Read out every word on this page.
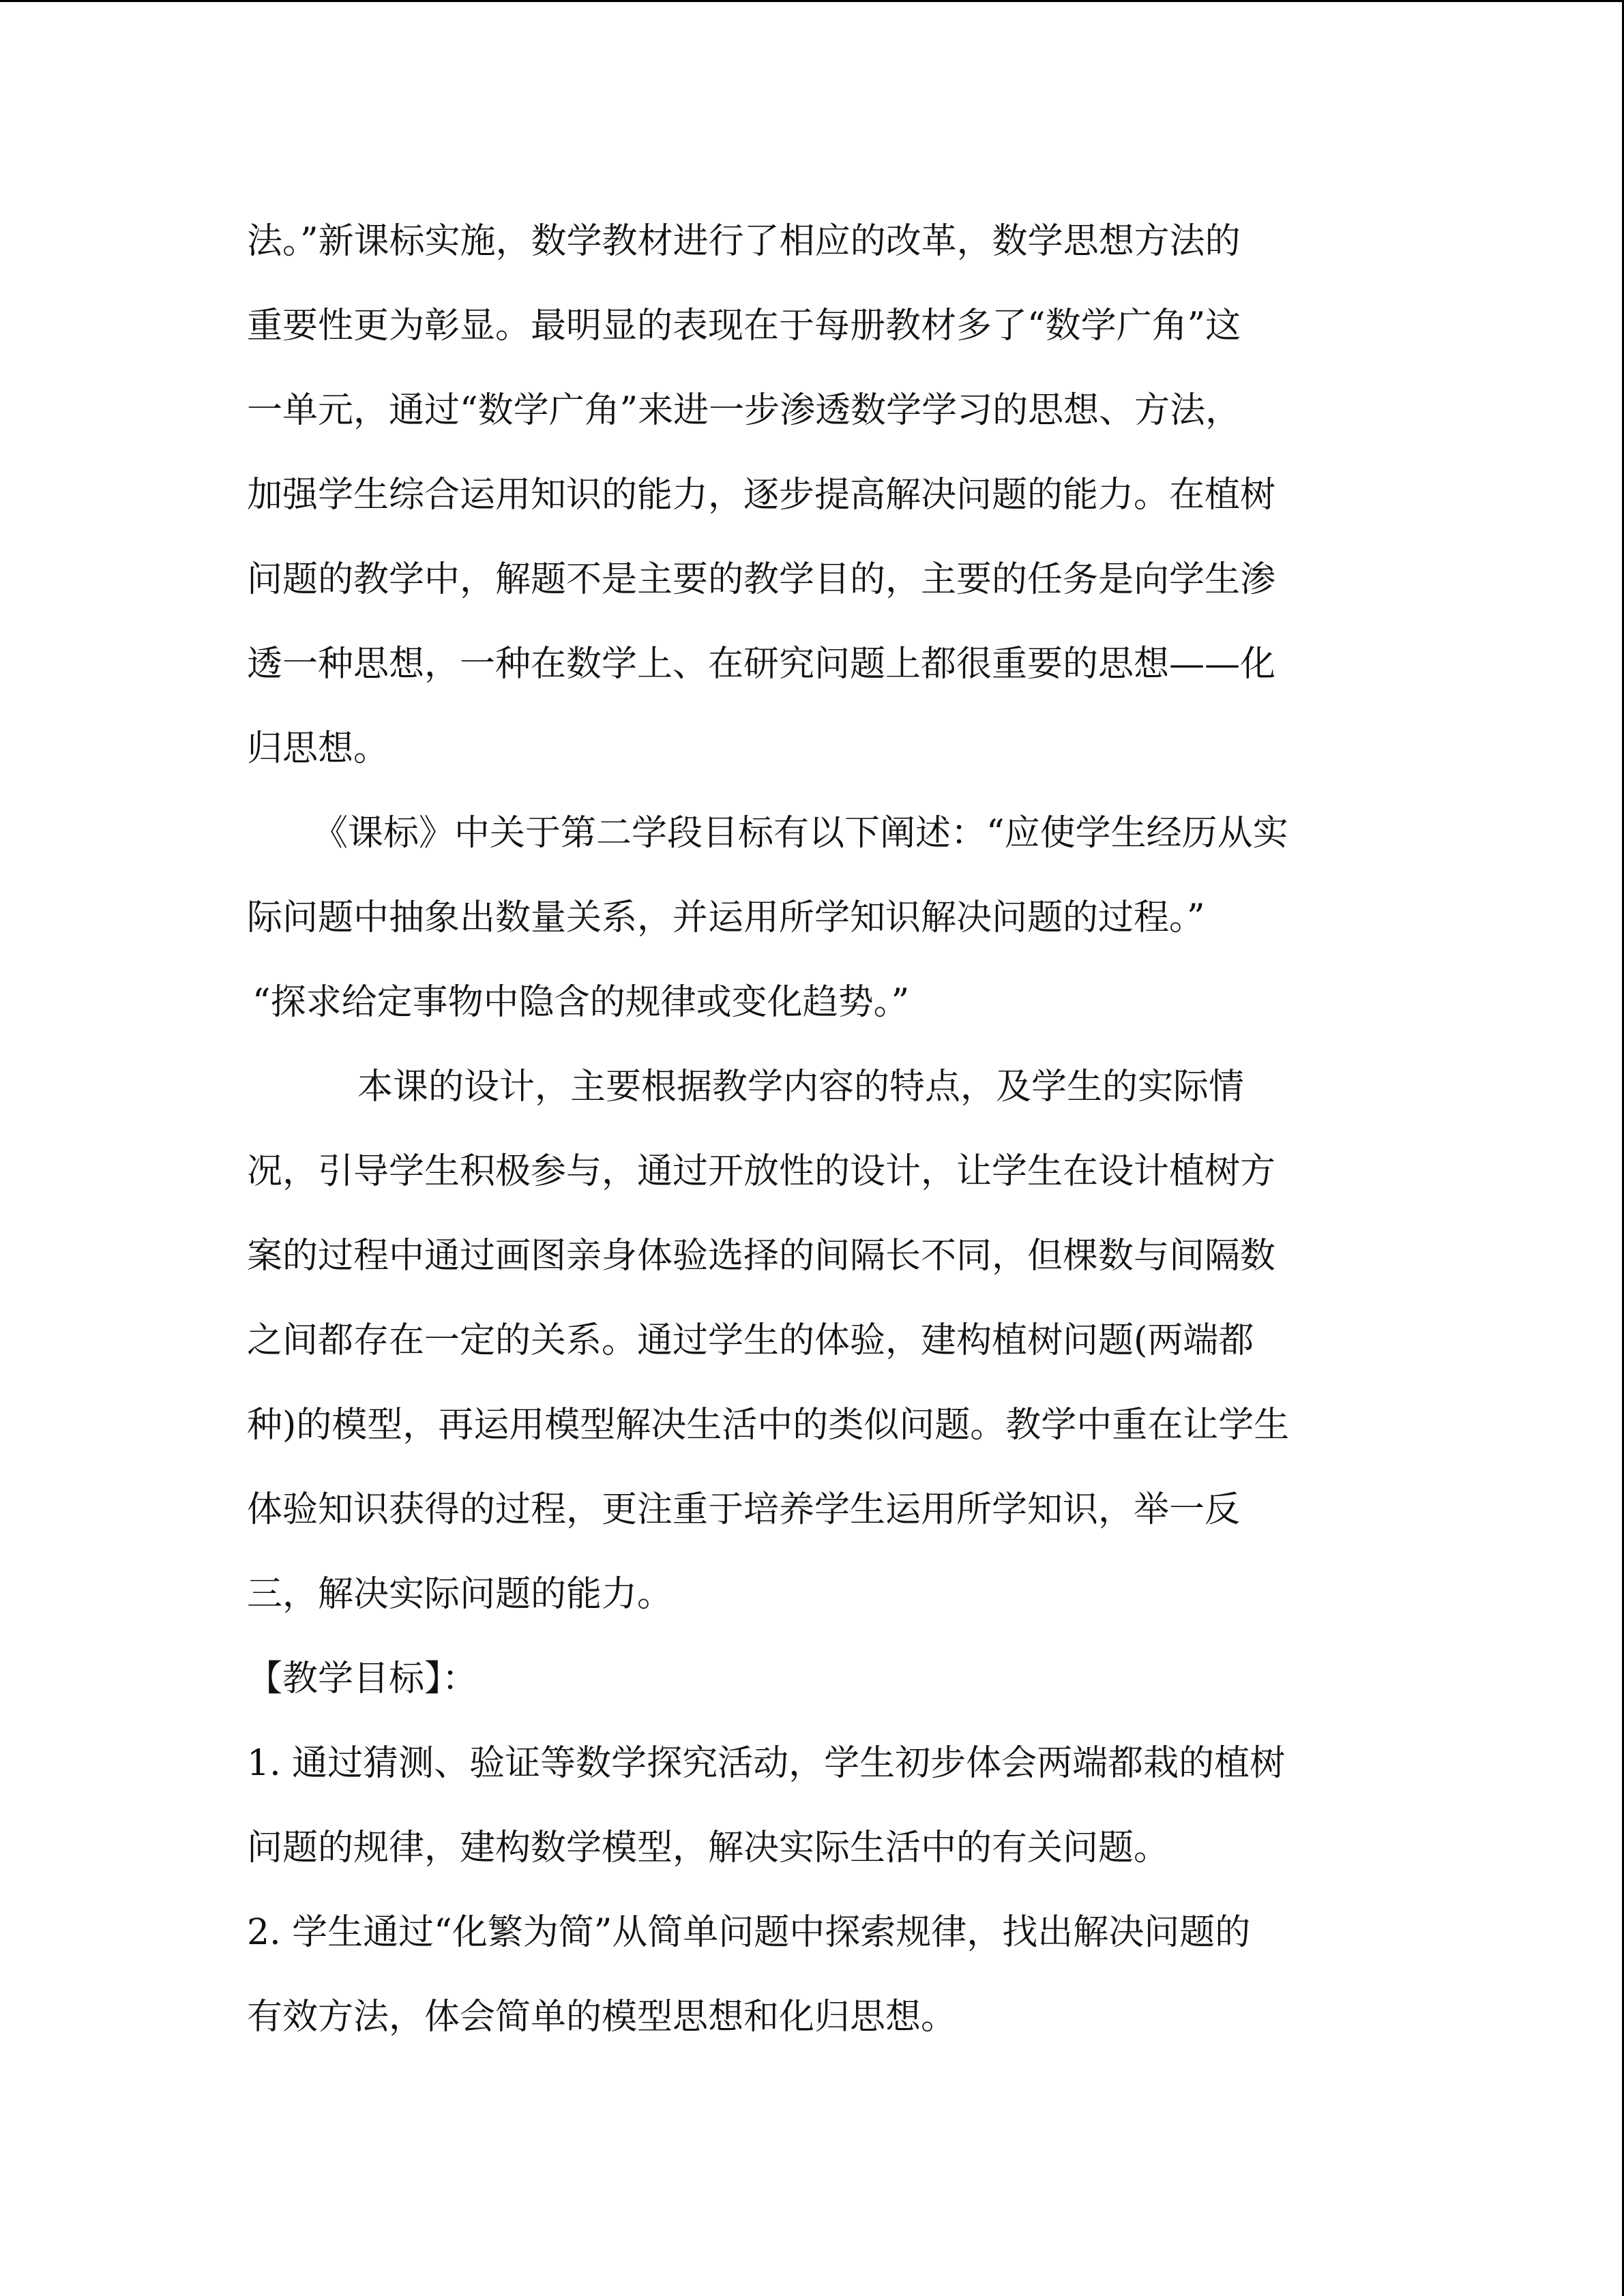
法。”新课标实施，数学教材进行了相应的改革，数学思想方法的
重要性更为彰显。最明显的表现在于每册教材多了“数学广角”这
一单元，通过“数学广角”来进一步渗透数学学习的思想、方法，
加强学生综合运用知识的能力，逐步提高解决问题的能力。在植树
问题的教学中，解题不是主要的教学目的，主要的任务是向学生渗
透一种思想，一种在数学上、在研究问题上都很重要的思想——化
归思想。
《课标》中关于第二学段目标有以下阐述：“应使学生经历从实
际问题中抽象出数量关系，并运用所学知识解决问题的过程。”
“探求给定事物中隐含的规律或变化趋势。”
本课的设计，主要根据教学内容的特点，及学生的实际情
况，引导学生积极参与，通过开放性的设计，让学生在设计植树方
案的过程中通过画图亲身体验选择的间隔长不同，但棵数与间隔数
之间都存在一定的关系。通过学生的体验，建构植树问题(两端都
种)的模型，再运用模型解决生活中的类似问题。教学中重在让学生
体验知识获得的过程，更注重于培养学生运用所学知识，举一反
三，解决实际问题的能力。
【教学目标】：
1. 通过猜测、验证等数学探究活动，学生初步体会两端都栽的植树
问题的规律，建构数学模型，解决实际生活中的有关问题。
2. 学生通过“化繁为简”从简单问题中探索规律，找出解决问题的
有效方法，体会简单的模型思想和化归思想。
